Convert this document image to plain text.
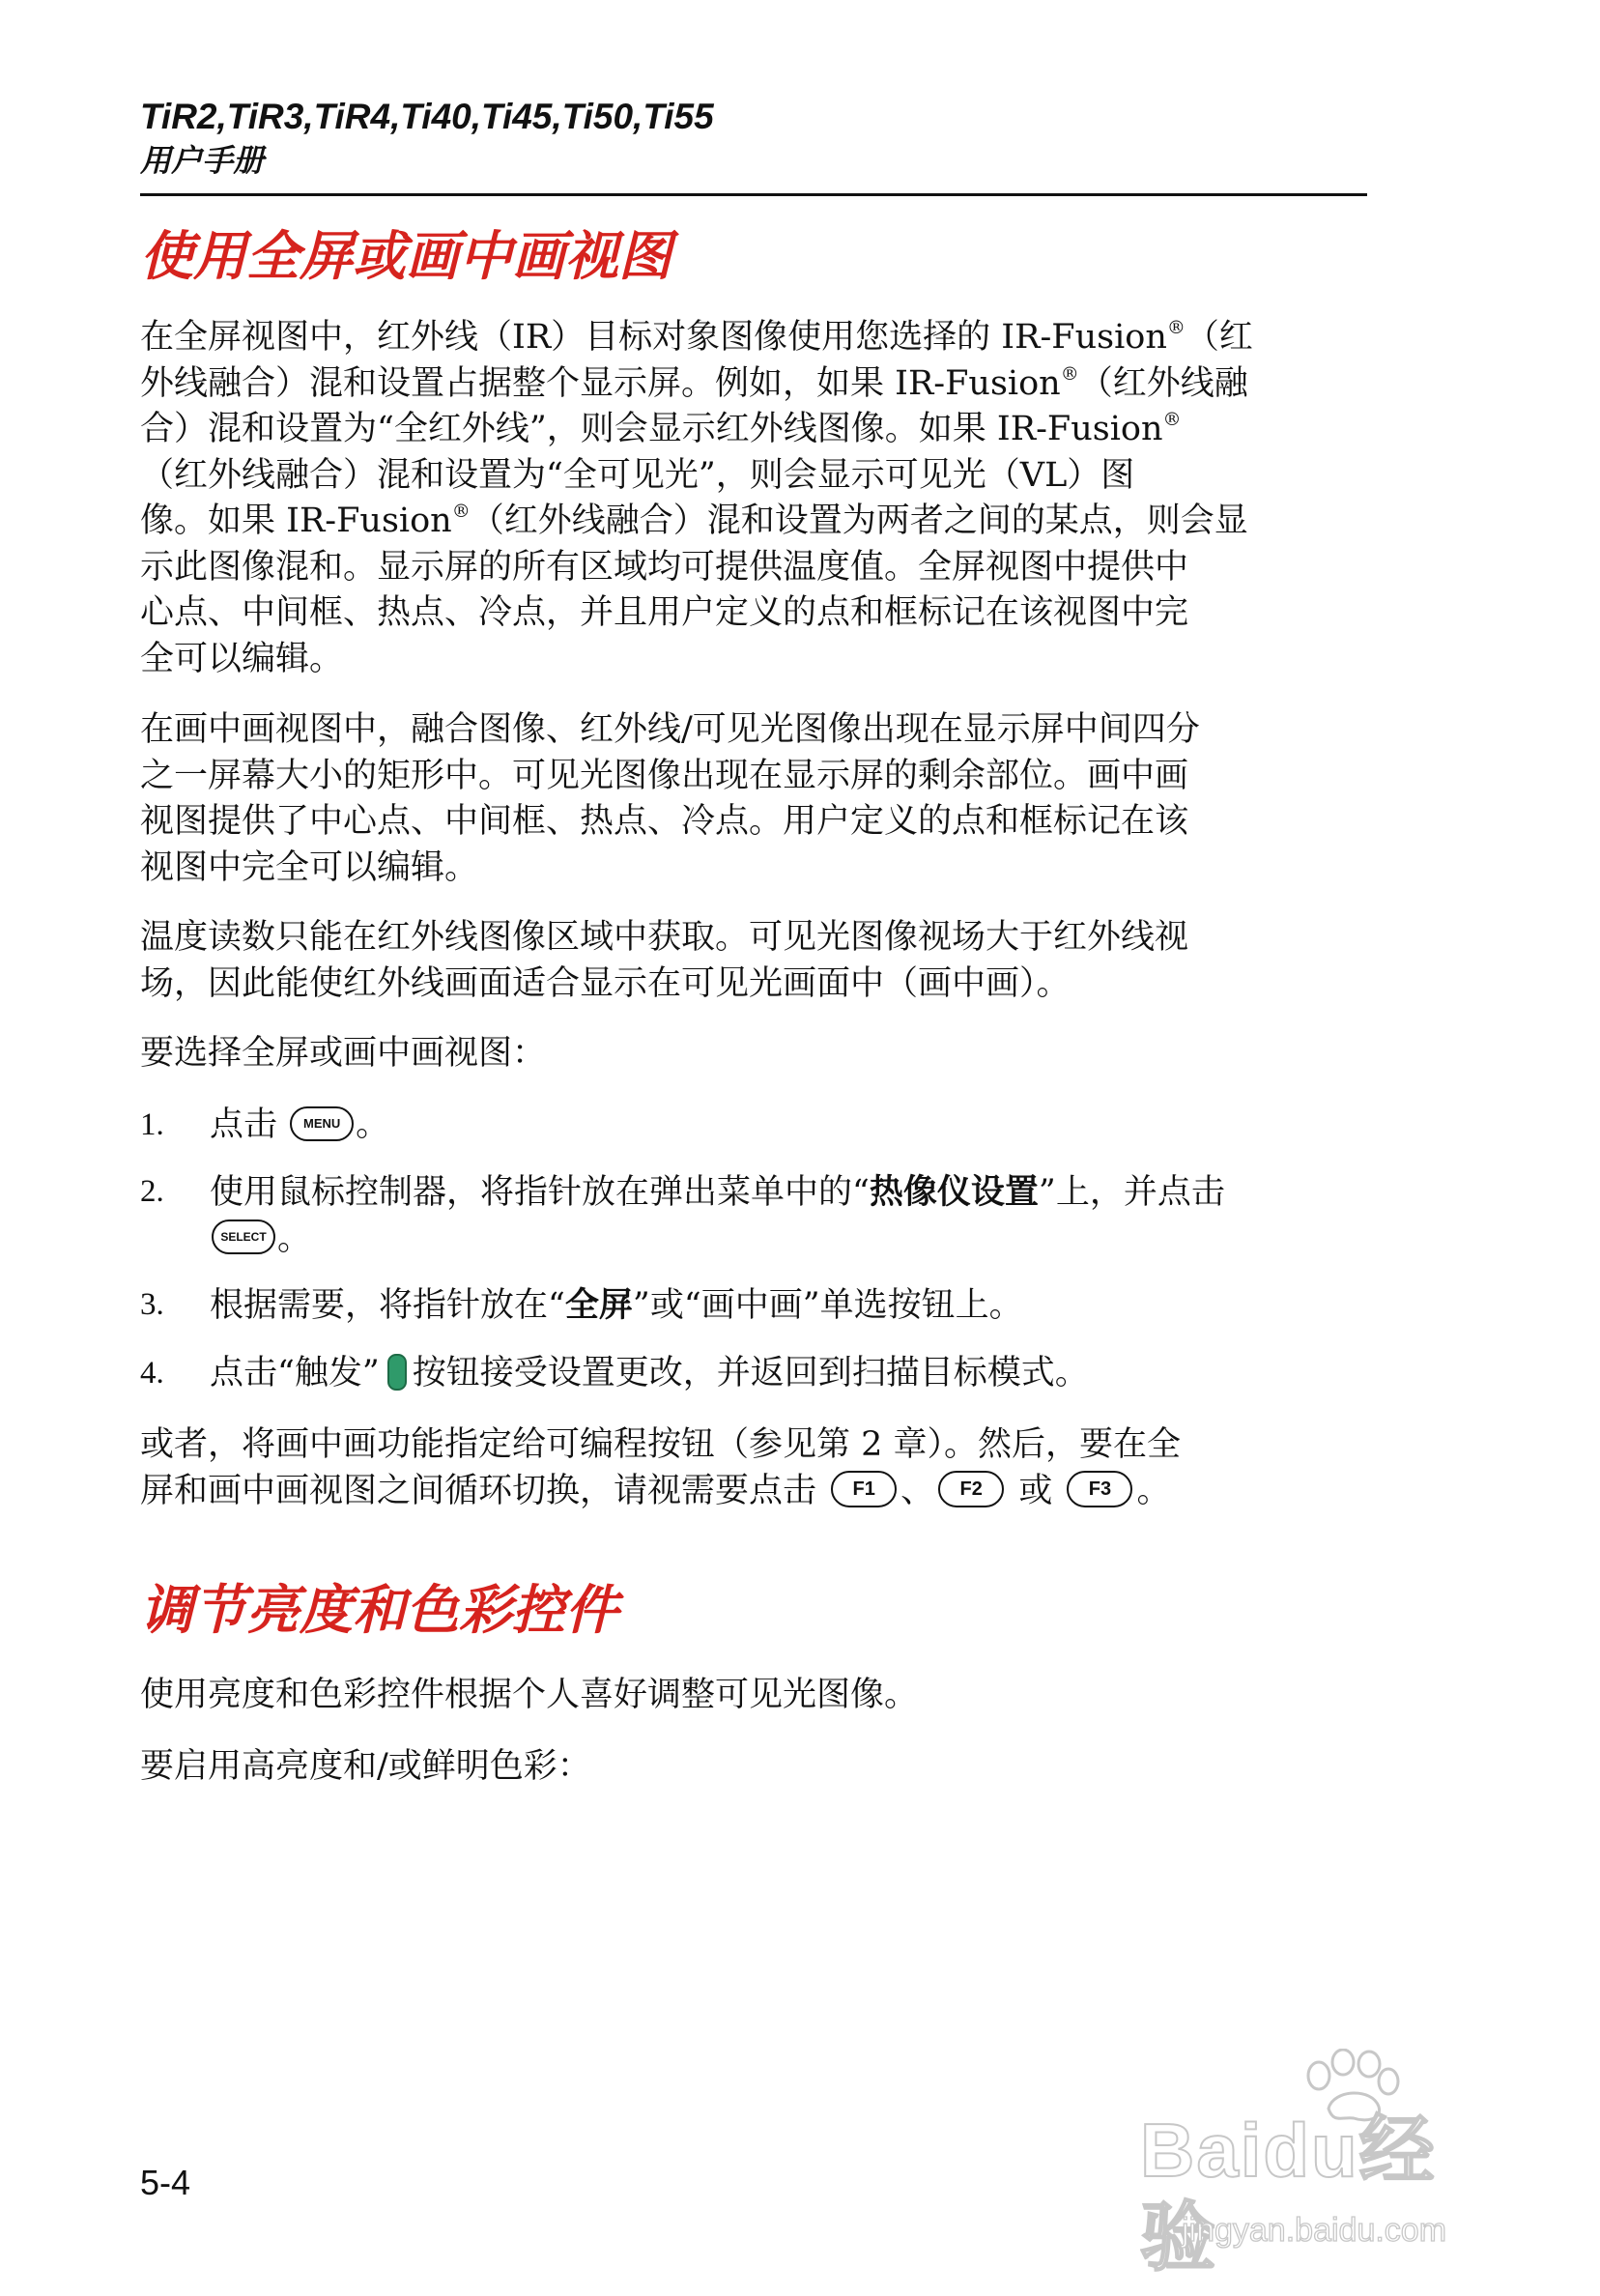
TiR2,TiR3,TiR4,Ti40,Ti45,Ti50,Ti55
用户手册
使用全屏或画中画视图
在全屏视图中，红外线（IR）目标对象图像使用您选择的 IR-Fusion®（红
外线融合）混和设置占据整个显示屏。例如，如果 IR-Fusion®（红外线融
合）混和设置为“全红外线”，则会显示红外线图像。如果 IR-Fusion®
（红外线融合）混和设置为“全可见光”，则会显示可见光（VL）图
像。如果 IR-Fusion®（红外线融合）混和设置为两者之间的某点，则会显
示此图像混和。显示屏的所有区域均可提供温度值。全屏视图中提供中
心点、中间框、热点、冷点，并且用户定义的点和框标记在该视图中完
全可以编辑。
在画中画视图中，融合图像、红外线/可见光图像出现在显示屏中间四分
之一屏幕大小的矩形中。可见光图像出现在显示屏的剩余部位。画中画
视图提供了中心点、中间框、热点、冷点。用户定义的点和框标记在该
视图中完全可以编辑。
温度读数只能在红外线图像区域中获取。可见光图像视场大于红外线视
场，因此能使红外线画面适合显示在可见光画面中（画中画）。
要选择全屏或画中画视图：
1.	点击 MENU 。
2.	使用鼠标控制器，将指针放在弹出菜单中的“热像仪设置”上，并点击
SELECT 。
3.	根据需要，将指针放在“全屏”或“画中画”单选按钮上。
4.	点击“触发” 按钮接受设置更改，并返回到扫描目标模式。
或者，将画中画功能指定给可编程按钮（参见第 2 章）。然后，要在全
屏和画中画视图之间循环切换，请视需要点击 F1 、 F2 或 F3 。
调节亮度和色彩控件
使用亮度和色彩控件根据个人喜好调整可见光图像。
要启用高亮度和/或鲜明色彩：
5-4	Baidu经验
jingyan.baidu.com
